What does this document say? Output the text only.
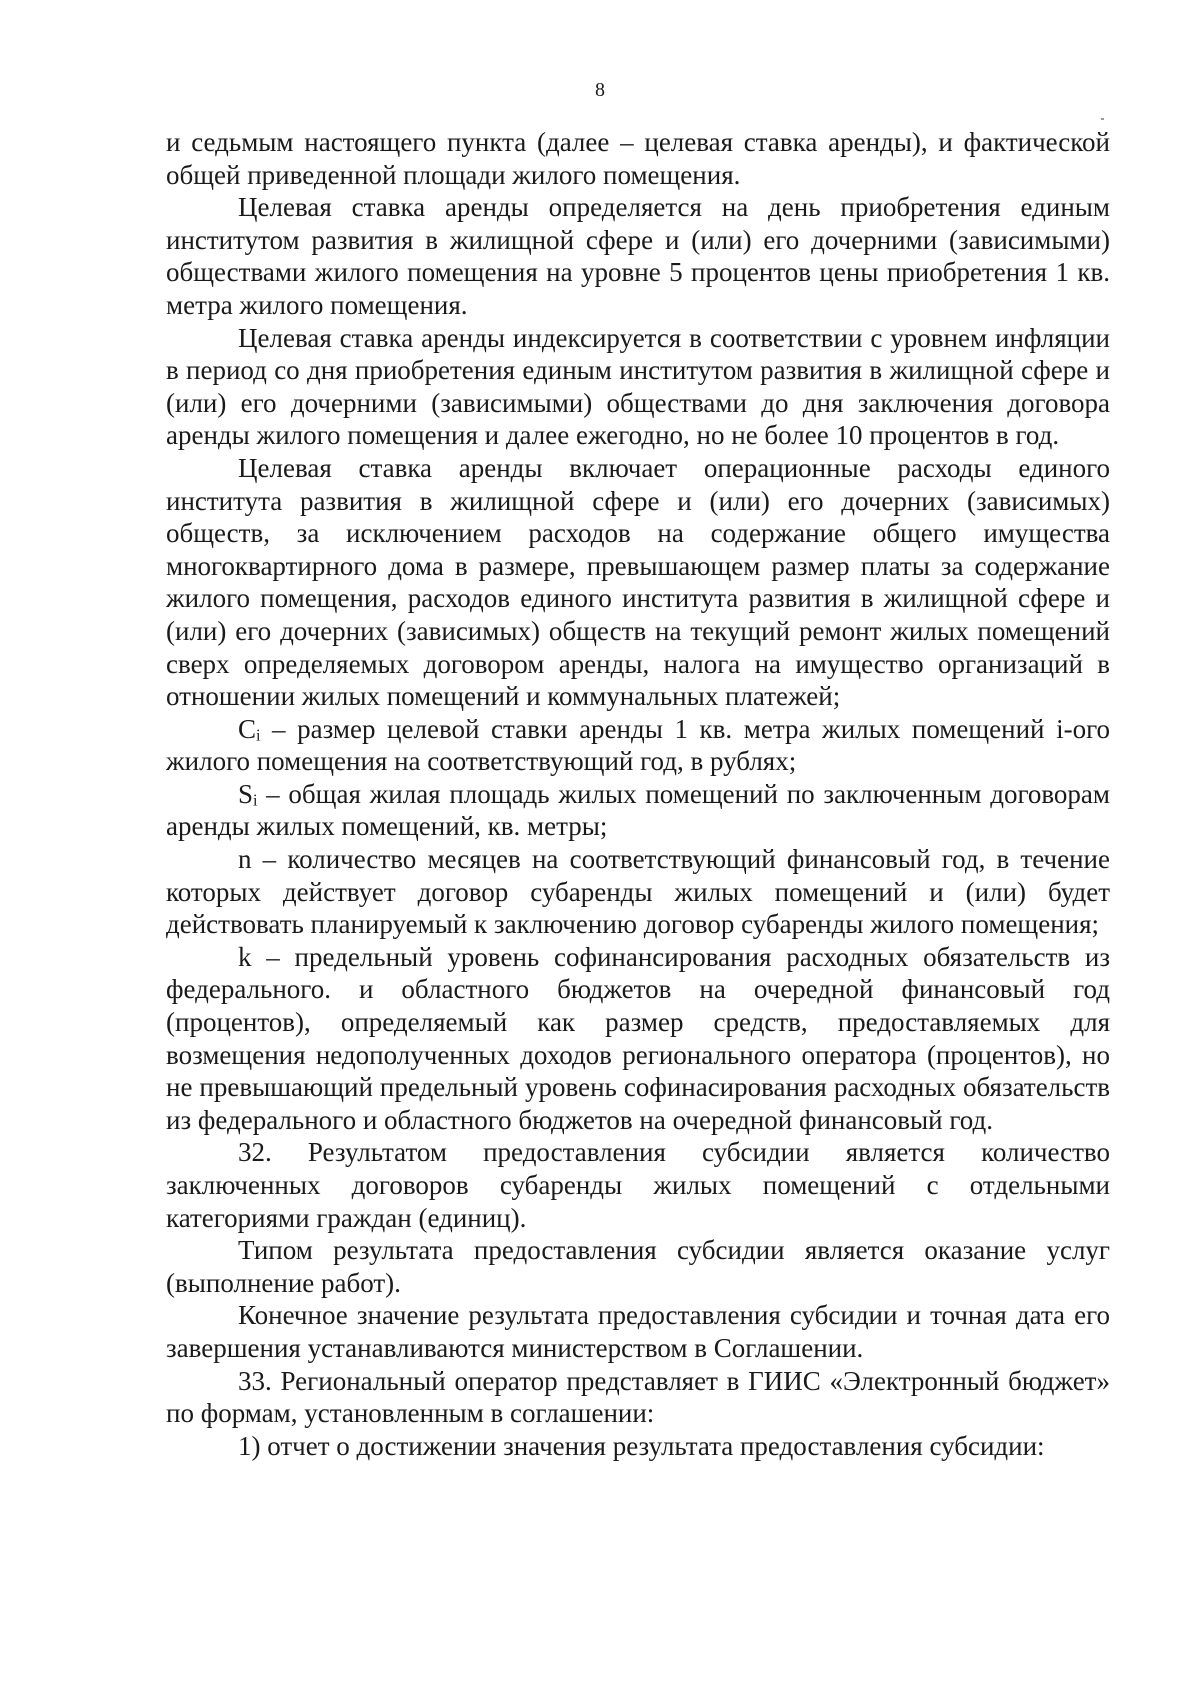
8

и седьмым настоящего пункта (далее – целевая ставка аренды), и фактической общей приведенной площади жилого помещения.

Целевая ставка аренды определяется на день приобретения единым институтом развития в жилищной сфере и (или) его дочерними (зависимыми) обществами жилого помещения на уровне 5 процентов цены приобретения 1 кв. метра жилого помещения.

Целевая ставка аренды индексируется в соответствии с уровнем инфляции в период со дня приобретения единым институтом развития в жилищной сфере и (или) его дочерними (зависимыми) обществами до дня заключения договора аренды жилого помещения и далее ежегодно, но не более 10 процентов в год.

Целевая ставка аренды включает операционные расходы единого института развития в жилищной сфере и (или) его дочерних (зависимых) обществ, за исключением расходов на содержание общего имущества многоквартирного дома в размере, превышающем размер платы за содержание жилого помещения, расходов единого института развития в жилищной сфере и (или) его дочерних (зависимых) обществ на текущий ремонт жилых помещений сверх определяемых договором аренды, налога на имущество организаций в отношении жилых помещений и коммунальных платежей;

Cᵢ – размер целевой ставки аренды 1 кв. метра жилых помещений i-ого жилого помещения на соответствующий год, в рублях;

Sᵢ – общая жилая площадь жилых помещений по заключенным договорам аренды жилых помещений, кв. метры;

n – количество месяцев на соответствующий финансовый год, в течение которых действует договор субаренды жилых помещений и (или) будет действовать планируемый к заключению договор субаренды жилого помещения;

k – предельный уровень софинансирования расходных обязательств из федерального. и областного бюджетов на очередной финансовый год (процентов), определяемый как размер средств, предоставляемых для возмещения недополученных доходов регионального оператора (процентов), но не превышающий предельный уровень софинасирования расходных обязательств из федерального и областного бюджетов на очередной финансовый год.

32. Результатом предоставления субсидии является количество заключенных договоров субаренды жилых помещений с отдельными категориями граждан (единиц).

Типом результата предоставления субсидии является оказание услуг (выполнение работ).

Конечное значение результата предоставления субсидии и точная дата его завершения устанавливаются министерством в Соглашении.

33. Региональный оператор представляет в ГИИС «Электронный бюджет» по формам, установленным в соглашении:

1) отчет о достижении значения результата предоставления субсидии:
